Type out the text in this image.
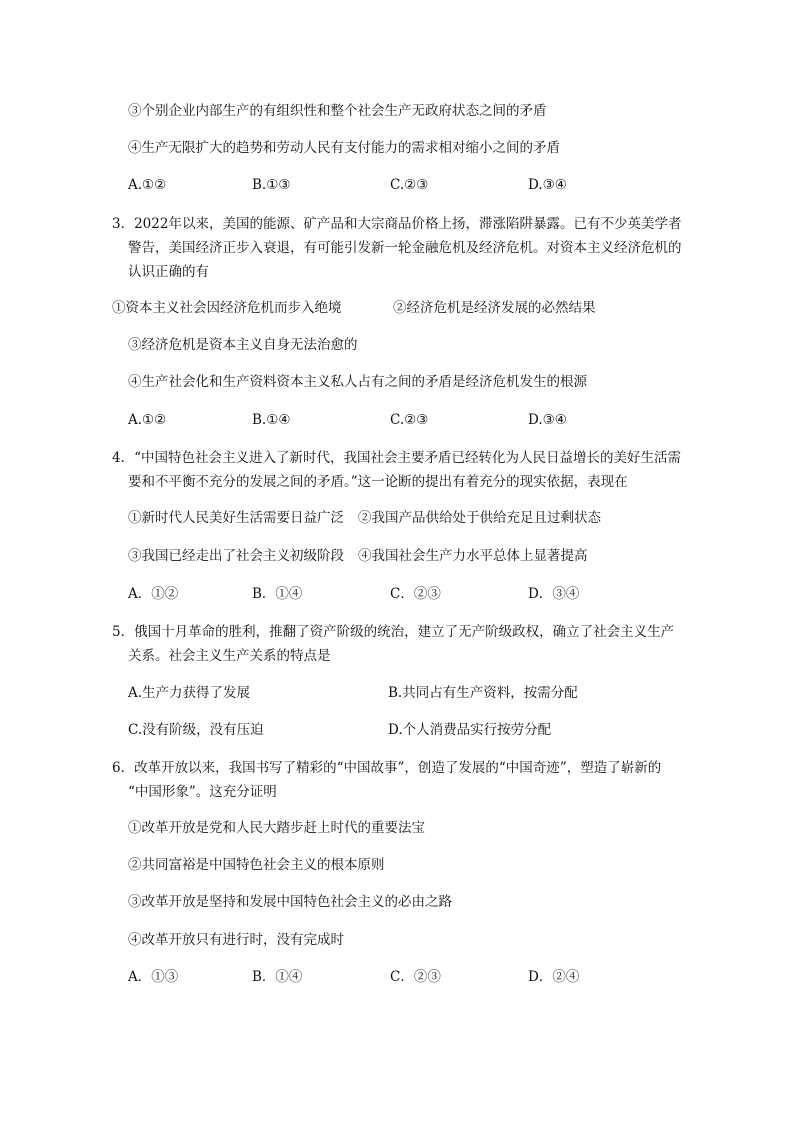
③个别企业内部生产的有组织性和整个社会生产无政府状态之间的矛盾
④生产无限扩大的趋势和劳动人民有支付能力的需求相对缩小之间的矛盾
A.①②	B.①③	C.②③	D.③④
3．2022年以来，美国的能源、矿产品和大宗商品价格上扬，滞涨陷阱暴露。已有不少英美学者
警告，美国经济正步入衰退，有可能引发新一轮金融危机及经济危机。对资本主义经济危机的
认识正确的有
①资本主义社会因经济危机而步入绝境	②经济危机是经济发展的必然结果
③经济危机是资本主义自身无法治愈的
④生产社会化和生产资料资本主义私人占有之间的矛盾是经济危机发生的根源
A.①②	B.①④	C.②③	D.③④
4．“中国特色社会主义进入了新时代，我国社会主要矛盾已经转化为人民日益增长的美好生活需
要和不平衡不充分的发展之间的矛盾。”这一论断的提出有着充分的现实依据，表现在
①新时代人民美好生活需要日益广泛 ②我国产品供给处于供给充足且过剩状态
③我国已经走出了社会主义初级阶段 ④我国社会生产力水平总体上显著提高
A．①②	B．①④	C．②③	D．③④
5．俄国十月革命的胜利，推翻了资产阶级的统治，建立了无产阶级政权，确立了社会主义生产
关系。社会主义生产关系的特点是
A.生产力获得了发展	B.共同占有生产资料，按需分配
C.没有阶级，没有压迫	D.个人消费品实行按劳分配
6．改革开放以来，我国书写了精彩的“中国故事”，创造了发展的“中国奇迹”，塑造了崭新的
“中国形象”。这充分证明
①改革开放是党和人民大踏步赶上时代的重要法宝
②共同富裕是中国特色社会主义的根本原则
③改革开放是坚持和发展中国特色社会主义的必由之路
④改革开放只有进行时，没有完成时
A．①③	B．①④	C．②③	D．②④
